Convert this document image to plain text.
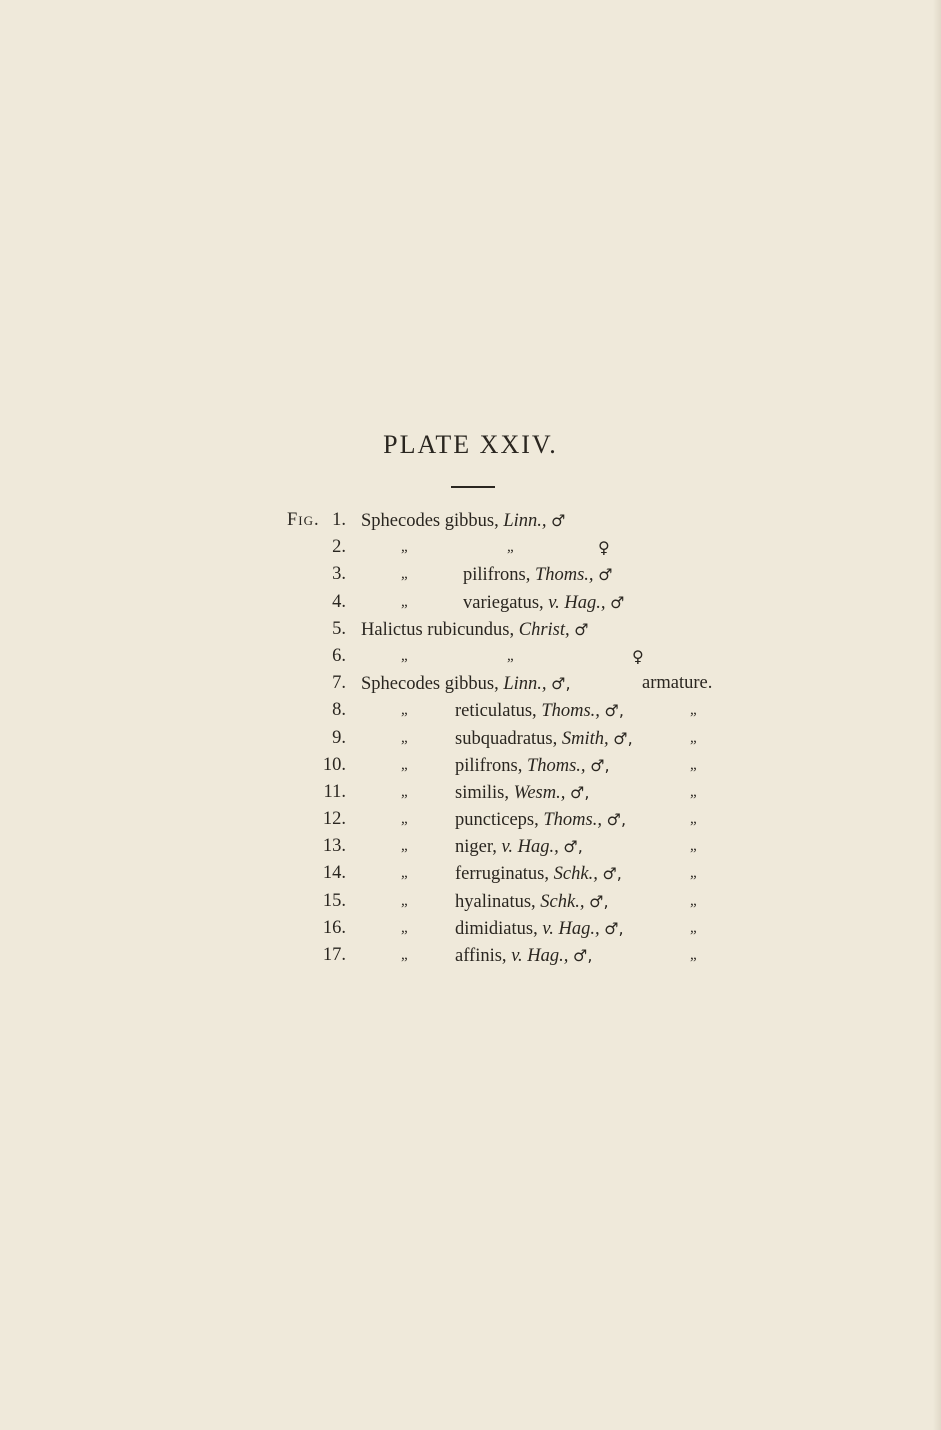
PLATE XXIV.
Fig. 1. Sphecodes gibbus, Linn., ♂
2.	„	„	♀
3.	„	pilifrons, Thoms., ♂
4.	„	variegatus, v. Hag., ♂
5. Halictus rubicundus, Christ, ♂
6.	„	„	♀
7. Sphecodes gibbus, Linn., ♂,	armature.
8.	„	reticulatus, Thoms., ♂,	„
9.	„	subquadratus, Smith, ♂,	„
10.	„	pilifrons, Thoms., ♂,	„
11.	„	similis, Wesm., ♂,	„
12.	„	puncticeps, Thoms., ♂,	„
13.	„	niger, v. Hag., ♂,	„
14.	„	ferruginatus, Schk., ♂,	„
15.	„	hyalinatus, Schk., ♂,	„
16.	„	dimidiatus, v. Hag., ♂,	„
17.	„	affinis, v. Hag., ♂,	„
